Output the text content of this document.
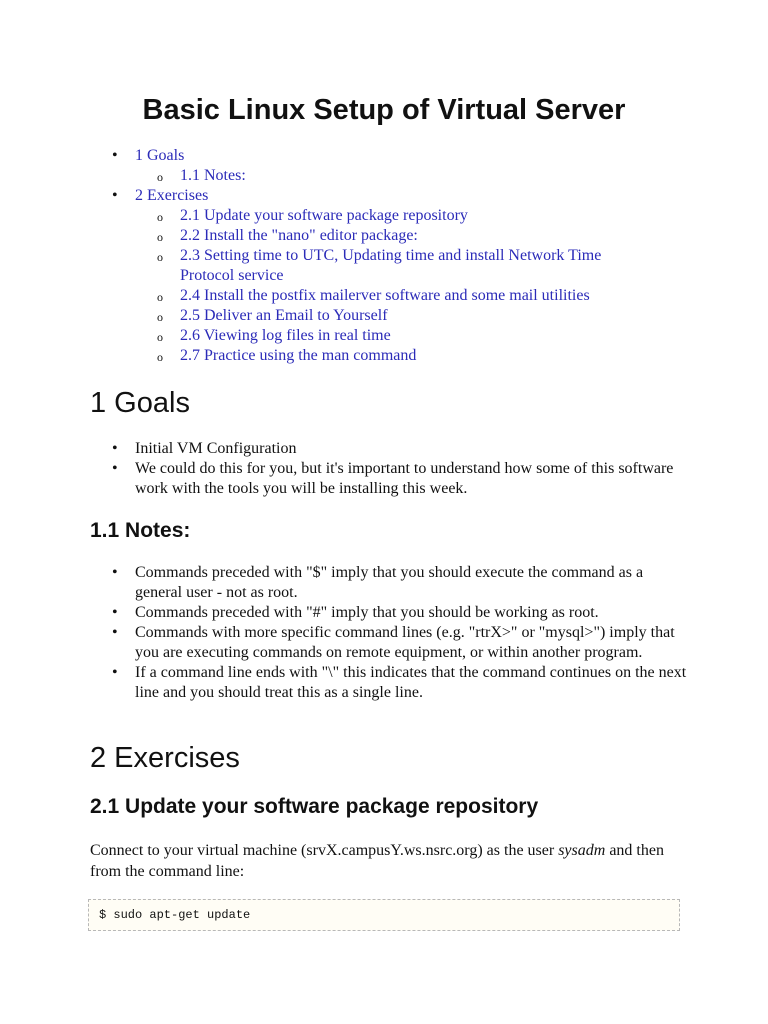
Basic Linux Setup of Virtual Server
• 1 Goals
o 1.1 Notes:
• 2 Exercises
o 2.1 Update your software package repository
o 2.2 Install the "nano" editor package:
o 2.3 Setting time to UTC, Updating time and install Network Time Protocol service
o 2.4 Install the postfix mailerver software and some mail utilities
o 2.5 Deliver an Email to Yourself
o 2.6 Viewing log files in real time
o 2.7 Practice using the man command
1 Goals
• Initial VM Configuration
• We could do this for you, but it's important to understand how some of this software work with the tools you will be installing this week.
1.1 Notes:
• Commands preceded with "$" imply that you should execute the command as a general user - not as root.
• Commands preceded with "#" imply that you should be working as root.
• Commands with more specific command lines (e.g. "rtrX>" or "mysql>") imply that you are executing commands on remote equipment, or within another program.
• If a command line ends with "\" this indicates that the command continues on the next line and you should treat this as a single line.
2 Exercises
2.1 Update your software package repository

Connect to your virtual machine (srvX.campusY.ws.nsrc.org) as the user sysadm and then from the command line:

$ sudo apt-get update
